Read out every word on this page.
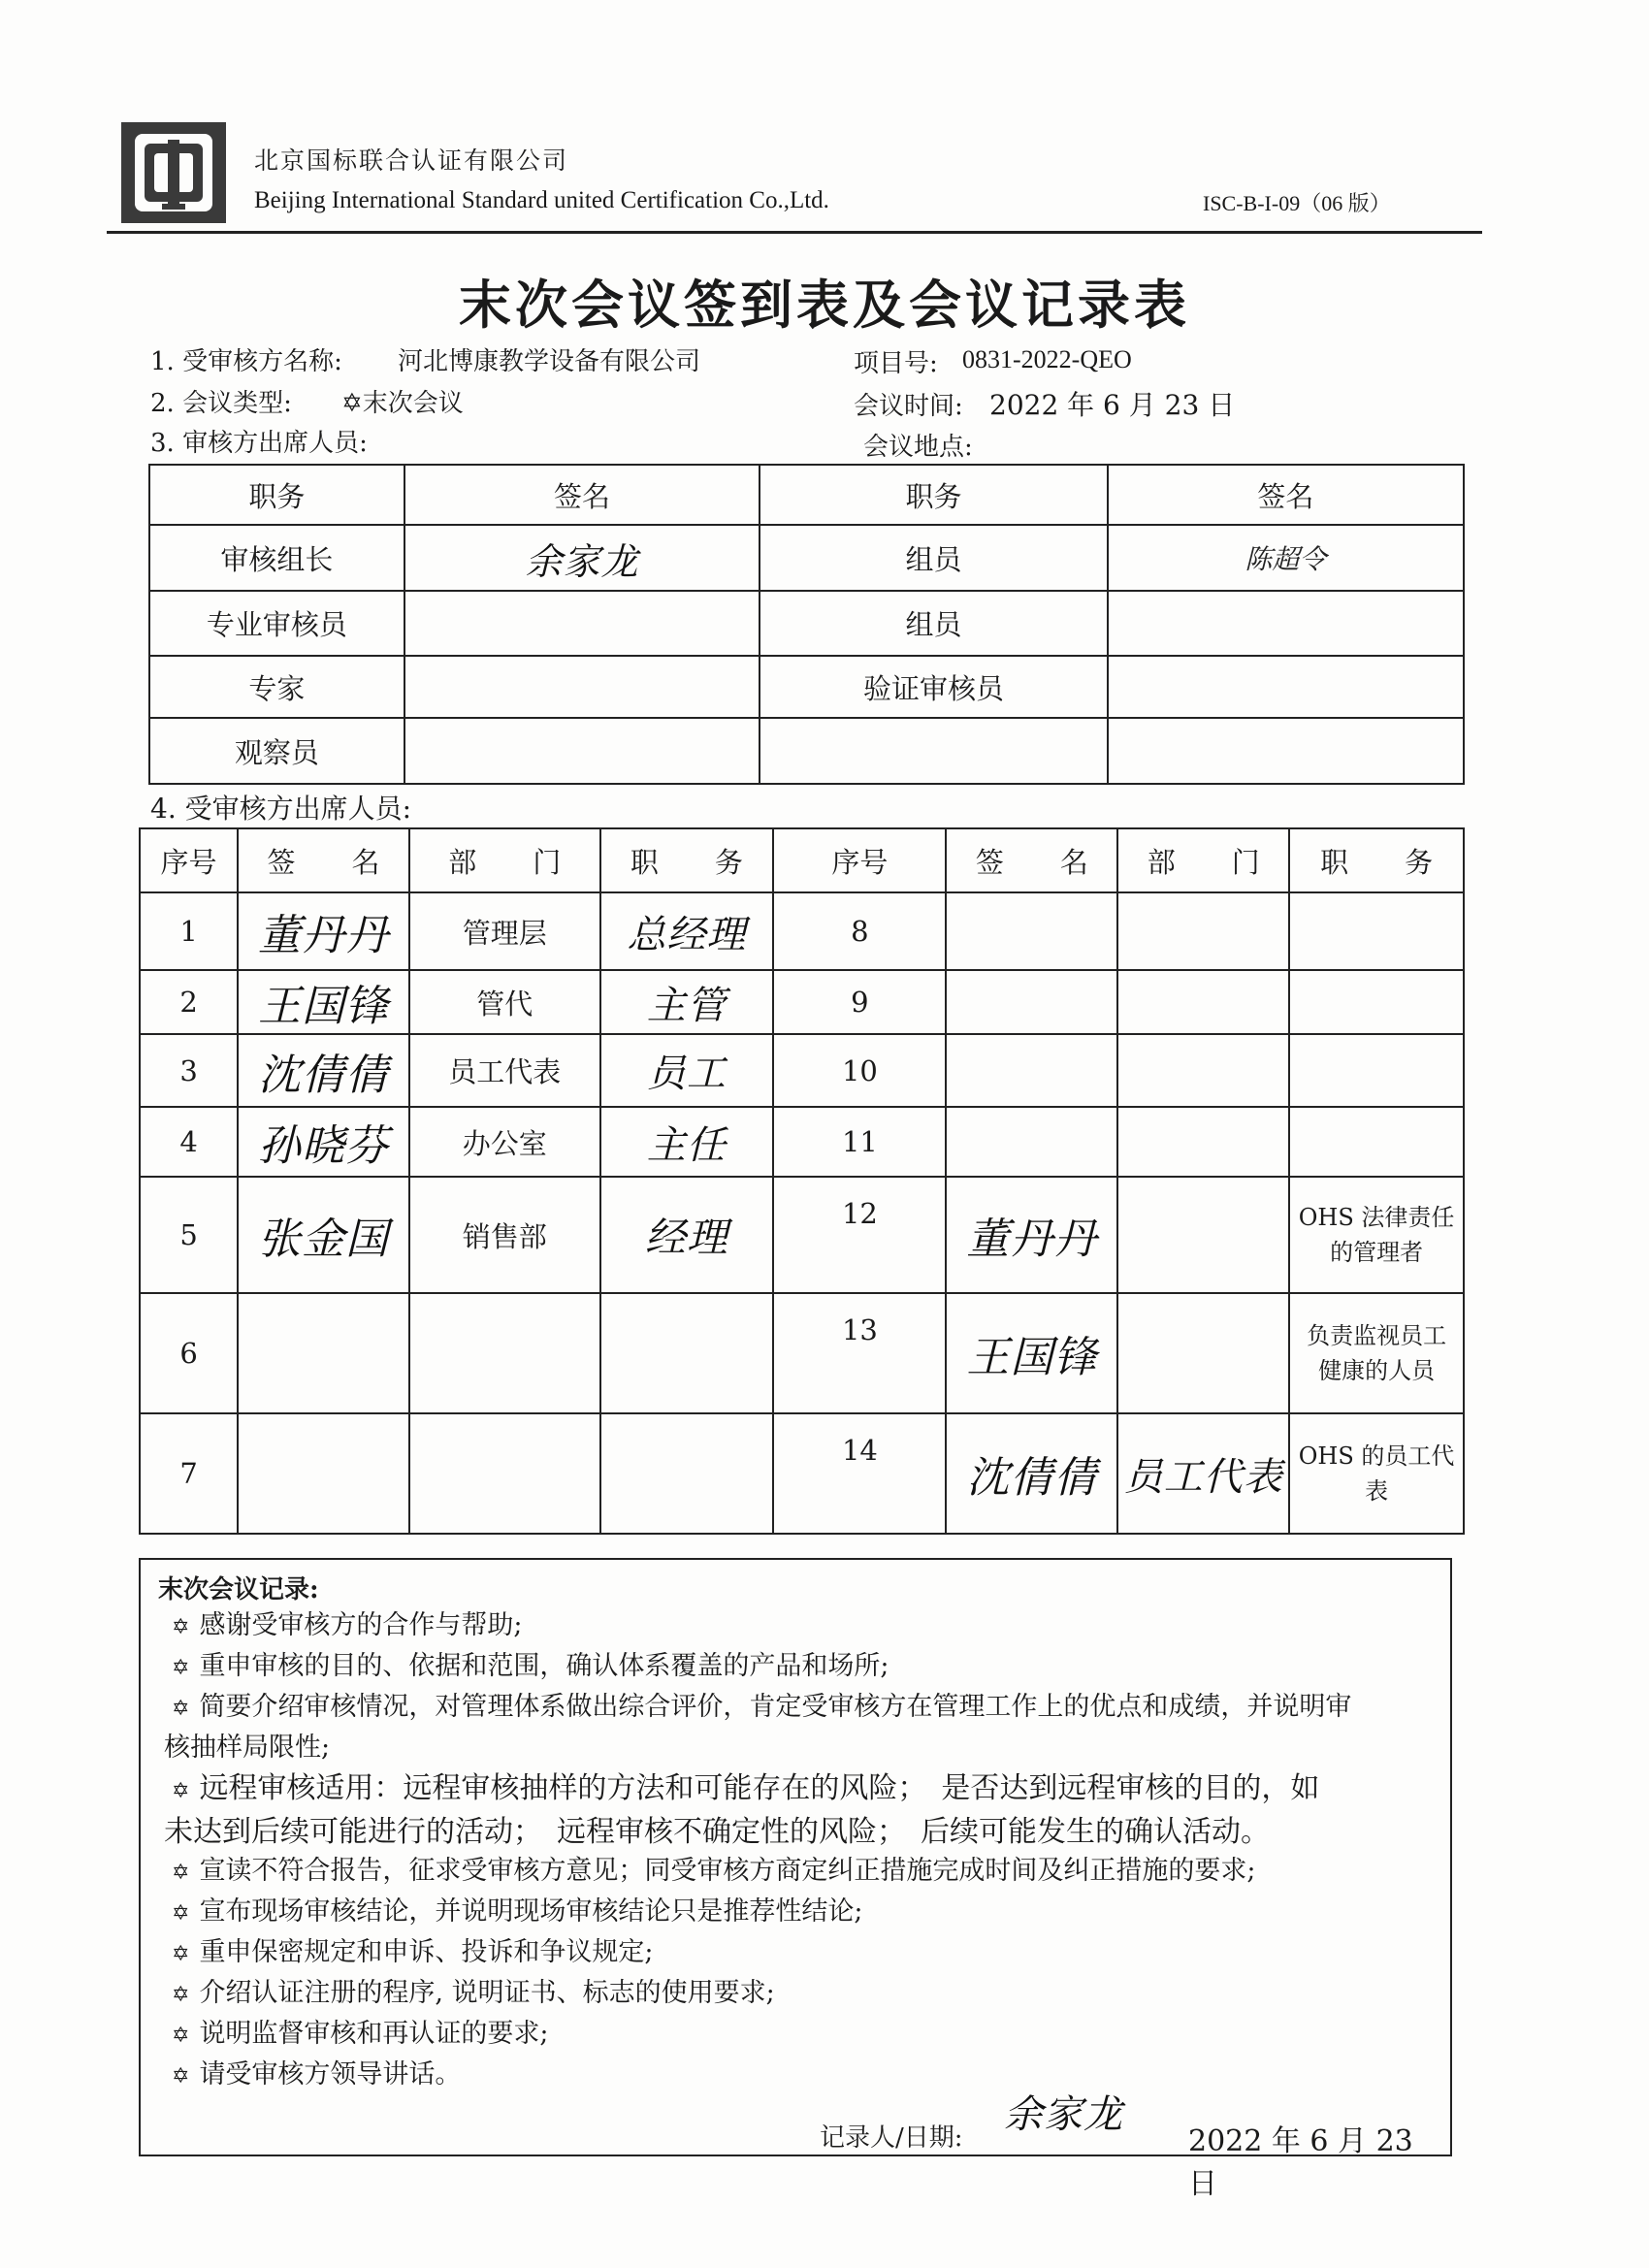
北京国标联合认证有限公司
Beijing International Standard united Certification Co.,Ltd.	ISC-B-I-09（06 版）
末次会议签到表及会议记录表
1. 受审核方名称: 河北博康教学设备有限公司	项目号: 0831-2022-QEO
2. 会议类型: ✡末次会议	会议时间: 2022 年 6 月 23 日
3. 审核方出席人员:	会议地点:
职务	签名	职务	签名
审核组长	余家龙	组员	陈超令
专业审核员		组员	
专家		验证审核员	
观察员			
4. 受审核方出席人员:
序号	签　　名	部　　门	职　　务	序号	签　　名	部　　门	职　　务
1	董丹丹	管理层	总经理	8			
2	王国锋	管代	主管	9			
3	沈倩倩	员工代表	员工	10			
4	孙晓芬	办公室	主任	11			
5	张金国	销售部	经理	12	董丹丹		OHS 法律责任
的管理者

6				13	王国锋		负责监视员工
健康的人员

7				14	沈倩倩	员工代表	OHS 的员工代
表
末次会议记录:
✡ 感谢受审核方的合作与帮助;
✡ 重申审核的目的、依据和范围，确认体系覆盖的产品和场所;
✡ 简要介绍审核情况，对管理体系做出综合评价，肯定受审核方在管理工作上的优点和成绩，并说明审
核抽样局限性;
✡ 远程审核适用：远程审核抽样的方法和可能存在的风险；　是否达到远程审核的目的，如
未达到后续可能进行的活动；　远程审核不确定性的风险；　后续可能发生的确认活动。
✡ 宣读不符合报告，征求受审核方意见；同受审核方商定纠正措施完成时间及纠正措施的要求;
✡ 宣布现场审核结论，并说明现场审核结论只是推荐性结论;
✡ 重申保密规定和申诉、投诉和争议规定;
✡ 介绍认证注册的程序, 说明证书、标志的使用要求;
✡ 说明监督审核和再认证的要求;
✡ 请受审核方领导讲话。
记录人/日期:
余家龙
2022 年 6 月 23 日
